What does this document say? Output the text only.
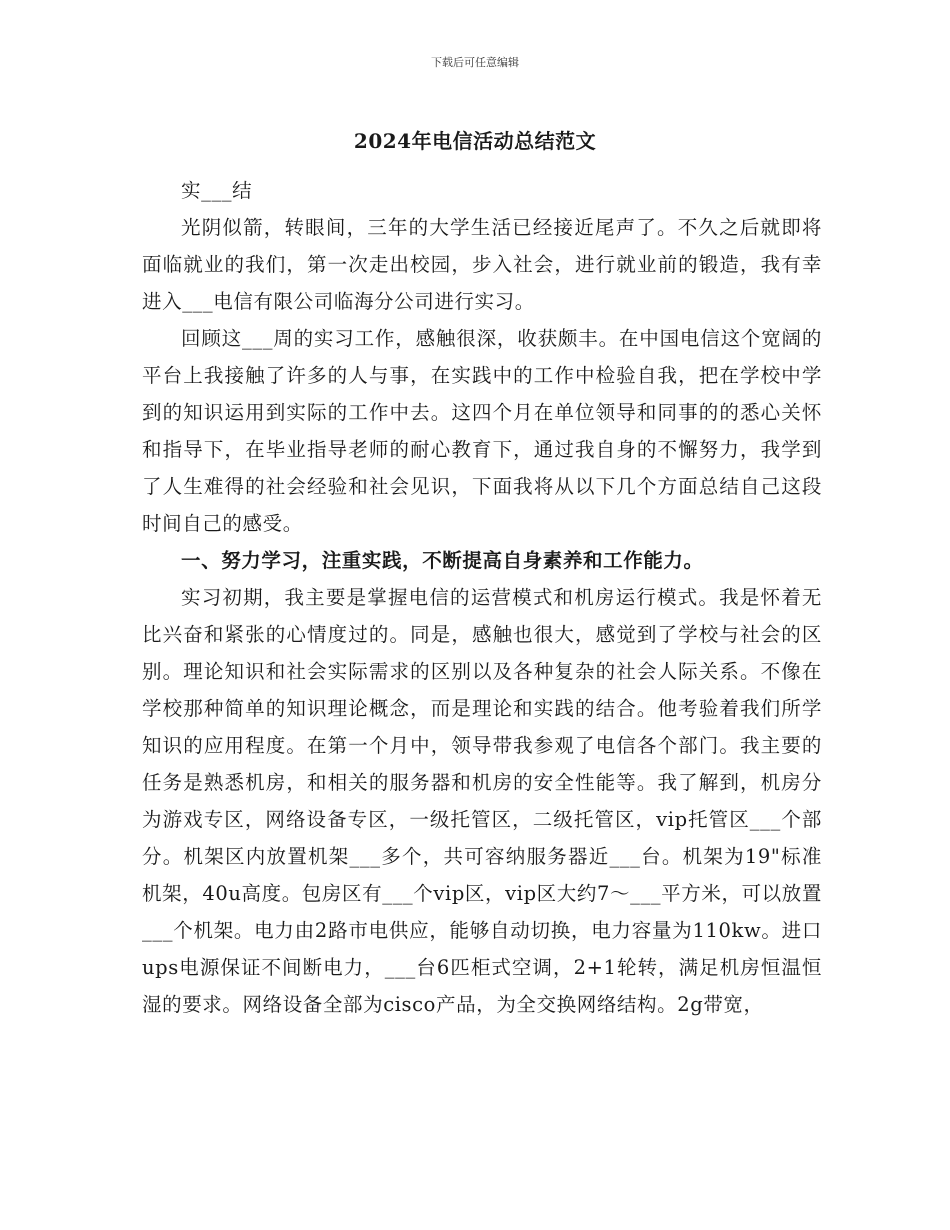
下载后可任意编辑
2024年电信活动总结范文

实___结

光阴似箭，转眼间，三年的大学生活已经接近尾声了。不久之后就即将面临就业的我们，第一次走出校园，步入社会，进行就业前的锻造，我有幸进入___电信有限公司临海分公司进行实习。

回顾这___周的实习工作，感触很深，收获颇丰。在中国电信这个宽阔的平台上我接触了许多的人与事，在实践中的工作中检验自我，把在学校中学到的知识运用到实际的工作中去。这四个月在单位领导和同事的的悉心关怀和指导下，在毕业指导老师的耐心教育下，通过我自身的不懈努力，我学到了人生难得的社会经验和社会见识，下面我将从以下几个方面总结自己这段时间自己的感受。

一、努力学习，注重实践，不断提高自身素养和工作能力。

实习初期，我主要是掌握电信的运营模式和机房运行模式。我是怀着无比兴奋和紧张的心情度过的。同是，感触也很大，感觉到了学校与社会的区别。理论知识和社会实际需求的区别以及各种复杂的社会人际关系。不像在学校那种简单的知识理论概念，而是理论和实践的结合。他考验着我们所学知识的应用程度。在第一个月中，领导带我参观了电信各个部门。我主要的任务是熟悉机房，和相关的服务器和机房的安全性能等。我了解到，机房分为游戏专区，网络设备专区，一级托管区，二级托管区，vip托管区___个部分。机架区内放置机架___多个，共可容纳服务器近___台。机架为19"标准机架，40u高度。包房区有___个vip区，vip区大约7～___平方米，可以放置___个机架。电力由2路市电供应，能够自动切换，电力容量为110kw。进口ups电源保证不间断电力，___台6匹柜式空调，2+1轮转，满足机房恒温恒湿的要求。网络设备全部为cisco产品，为全交换网络结构。2g带宽，
